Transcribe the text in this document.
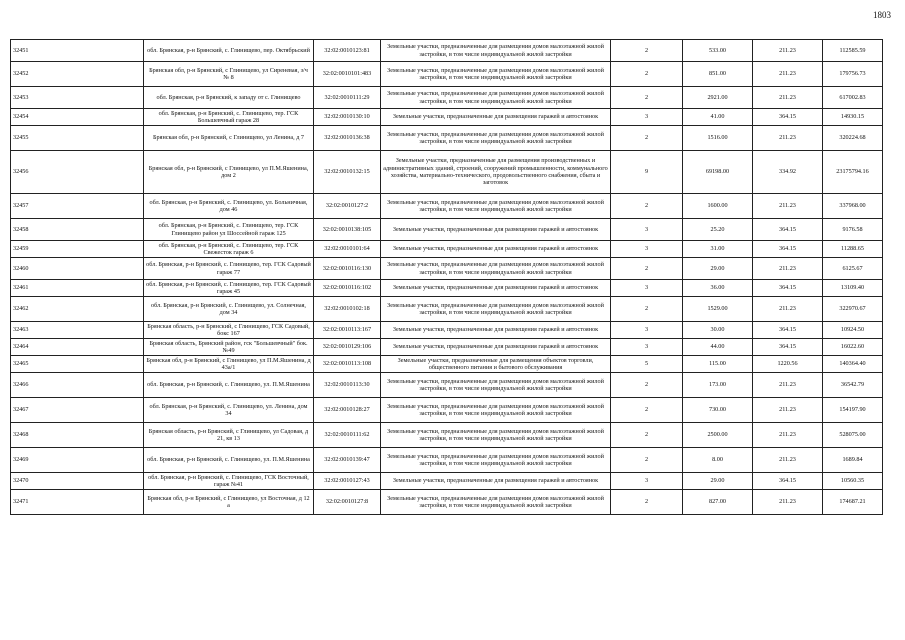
1803
32451	обл. Брянская, р-н Брянский, с. Глинищево, пер. Октябрьский	32:02:0010123:81	Земельные участки, предназначенные для размещения домов малоэтажной жилой застройки, в том числе индивидуальной жилой застройки	2	533.00	211.23	112585.59
32452	Брянская обл, р-н Брянский, с Глинищево, ул Сиреневая, з/ч № 8	32:02:0010101:483	Земельные участки, предназначенные для размещения домов малоэтажной жилой застройки, в том числе индивидуальной жилой застройки	2	851.00	211.23	179756.73
32453	обл. Брянская, р-н Брянский, к западу от с. Глинищево	32:02:0010111:29	Земельные участки, предназначенные для размещения домов малоэтажной жилой застройки, в том числе индивидуальной жилой застройки	2	2921.00	211.23	617002.83
32454	обл. Брянская, р-н Брянский, с. Глинищево, тер. ГСК Большевчный гараж 28	32:02:0010130:10	Земельные участки, предназначенные для размещения гаражей и автостоянок	3	41.00	364.15	14930.15
32455	Брянская обл, р-н Брянский, с Глинищево, ул Ленина, д 7	32:02:0010136:38	Земельные участки, предназначенные для размещения домов малоэтажной жилой застройки, в том числе индивидуальной жилой застройки	2	1516.00	211.23	320224.68
32456	Брянская обл, р-н Брянский, с Глинищево, ул П.М.Яшенина, дом 2	32:02:0010132:15	Земельные участки, предназначенные для размещения производственных и административных зданий, строений, сооружений промышленности, коммунального хозяйства, материально-технического, продовольственного снабжения, сбыта и заготовок	9	69198.00	334.92	23175794.16
32457	обл. Брянская, р-н Брянский, с. Глинищево, ул. Больничная, дом 46	32:02:0010127:2	Земельные участки, предназначенные для размещения домов малоэтажной жилой застройки, в том числе индивидуальной жилой застройки	2	1600.00	211.23	337968.00
32458	обл. Брянская, р-н Брянский, с. Глинищево, тер. ГСК Глинищево район ул Шоссейной гараж 125	32:02:0010138:105	Земельные участки, предназначенные для размещения гаражей и автостоянок	3	25.20	364.15	9176.58
32459	обл. Брянская, р-н Брянский, с. Глинищево, тер. ГСК Свежесток гараж 6	32:02:0010101:64	Земельные участки, предназначенные для размещения гаражей и автостоянок	3	31.00	364.15	11288.65
32460	обл. Брянская, р-н Брянский, с. Глинищево, тер. ГСК Садовый гараж 77	32:02:0010116:130	Земельные участки, предназначенные для размещения домов малоэтажной жилой застройки, в том числе индивидуальной жилой застройки	2	29.00	211.23	6125.67
32461	обл. Брянская, р-н Брянский, с. Глинищево, тер. ГСК Садовый гараж 45	32:02:0010116:102	Земельные участки, предназначенные для размещения гаражей и автостоянок	3	36.00	364.15	13109.40
32462	обл. Брянская, р-н Брянский, с. Глинищево, ул. Солнечная, дом 34	32:02:0010102:18	Земельные участки, предназначенные для размещения домов малоэтажной жилой застройки, в том числе индивидуальной жилой застройки	2	1529.00	211.23	322970.67
32463	Брянская область, р-н Брянский, с Глинищево, ГСК Садовый, бокс 167	32:02:0010113:167	Земельные участки, предназначенные для размещения гаражей и автостоянок	3	30.00	364.15	10924.50
32464	Брянская область, Брянский район, гск "Большевчный" бок. №49	32:02:0010129:106	Земельные участки, предназначенные для размещения гаражей и автостоянок	3	44.00	364.15	16022.60
32465	Брянская обл, р-н Брянский, с Глинищево, ул П.М.Яшенина, д 43а/1	32:02:0010113:108	Земельные участки, предназначенные для размещения объектов торговли, общественного питания и бытового обслуживания	5	115.00	1220.56	140364.40
32466	обл. Брянская, р-н Брянский, с. Глинищево, ул. П.М.Яшенина	32:02:0010113:30	Земельные участки, предназначенные для размещения домов малоэтажной жилой застройки, в том числе индивидуальной жилой застройки	2	173.00	211.23	36542.79
32467	обл. Брянская, р-н Брянский, с. Глинищево, ул. Ленина, дом 34	32:02:0010128:27	Земельные участки, предназначенные для размещения домов малоэтажной жилой застройки, в том числе индивидуальной жилой застройки	2	730.00	211.23	154197.90
32468	Брянская область, р-н Брянский, с Глинищево, ул Садовая, д 21, кв 13	32:02:0010111:62	Земельные участки, предназначенные для размещения домов малоэтажной жилой застройки, в том числе индивидуальной жилой застройки	2	2500.00	211.23	528075.00
32469	обл. Брянская, р-н Брянский, с. Глинищево, ул. П.М.Яшенина	32:02:0010139:47	Земельные участки, предназначенные для размещения домов малоэтажной жилой застройки, в том числе индивидуальной жилой застройки	2	8.00	211.23	1689.84
32470	обл. Брянская, р-н Брянский, с. Глинищево, ГСК Восточный, гараж №41	32:02:0010127:43	Земельные участки, предназначенные для размещения гаражей и автостоянок	3	29.00	364.15	10560.35
32471	Брянская обл, р-н Брянский, с Глинищево, ул Восточная, д 12 а	32:02:0010127:8	Земельные участки, предназначенные для размещения домов малоэтажной жилой застройки, в том числе индивидуальной жилой застройки	2	827.00	211.23	174687.21
